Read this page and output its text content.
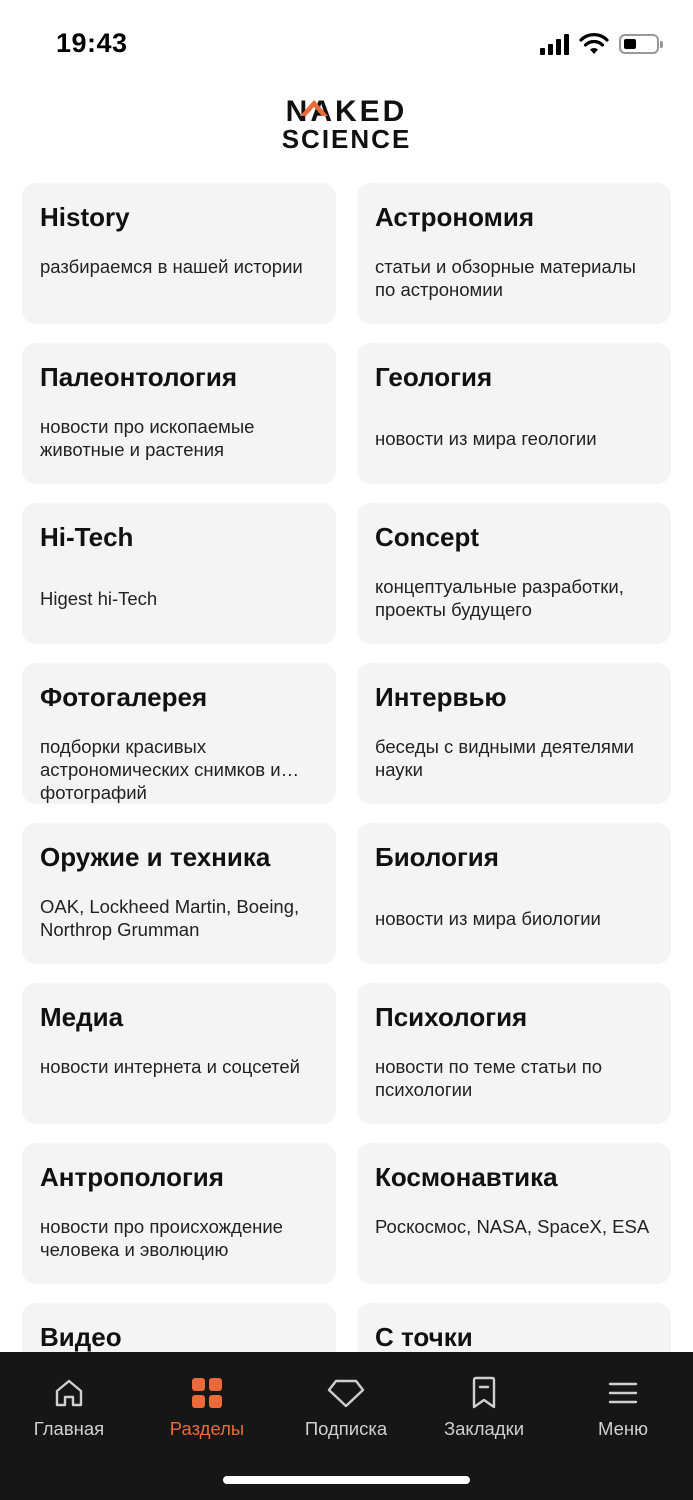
19:43
NAKED
SCIENCE
History
разбираемся в нашей истории
Астрономия
статьи и обзорные материалы по астрономии
Палеонтология
новости про ископаемые животные и растения
Геология
новости из мира геологии
Hi-Tech
Higest hi-Tech
Concept
концептуальные разработки, проекты будущего
Фотогалерея
подборки красивых астрономических снимков и фотографий
Интервью
беседы с видными деятелями науки
Оружие и техника
OAK, Lockheed Martin, Boeing, Northrop Grumman
Биология
новости из мира биологии
Медиа
новости интернета и соцсетей
Психология
новости по теме статьи по психологии
Антропология
новости про происхождение человека и эволюцию
Космонавтика
Роскосмос, NASA, SpaceX, ESA
Видео	С точки
Главная	Разделы	Подписка	Закладки	Меню
